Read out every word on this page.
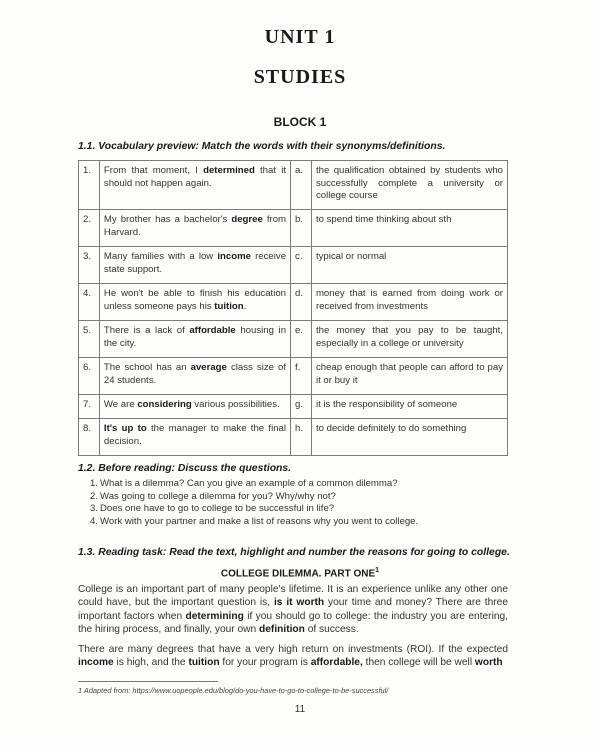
UNIT 1
STUDIES
BLOCK 1
1.1. Vocabulary preview: Match the words with their synonyms/definitions.
1.	From that moment, I determined that it should not happen again.	a.	the qualification obtained by students who successfully complete a university or college course
2.	My brother has a bachelor's degree from Harvard.	b.	to spend time thinking about sth
3.	Many families with a low income receive state support.	c.	typical or normal
4.	He won't be able to finish his education unless someone pays his tuition.	d.	money that is earned from doing work or received from investments
5.	There is a lack of affordable housing in the city.	e.	the money that you pay to be taught, especially in a college or university
6.	The school has an average class size of 24 students.	f.	cheap enough that people can afford to pay it or buy it
7.	We are considering various possibilities.	g.	it is the responsibility of someone
8.	It's up to the manager to make the final decision.	h.	to decide definitely to do something
1.2. Before reading: Discuss the questions.
1. What is a dilemma? Can you give an example of a common dilemma?
2. Was going to college a dilemma for you? Why/why not?
3. Does one have to go to college to be successful in life?
4. Work with your partner and make a list of reasons why you went to college.
1.3. Reading task: Read the text, highlight and number the reasons for going to college.
COLLEGE DILEMMA. PART ONE$^1$
College is an important part of many people's lifetime. It is an experience unlike any other one could have, but the important question is, is it worth your time and money? There are three important factors when determining if you should go to college: the industry you are entering, the hiring process, and finally, your own definition of success.
There are many degrees that have a very high return on investments (ROI). If the expected income is high, and the tuition for your program is affordable, then college will be well worth
1 Adapted from: https://www.uopeople.edu/blog/do-you-have-to-go-to-college-to-be-successful/
11
